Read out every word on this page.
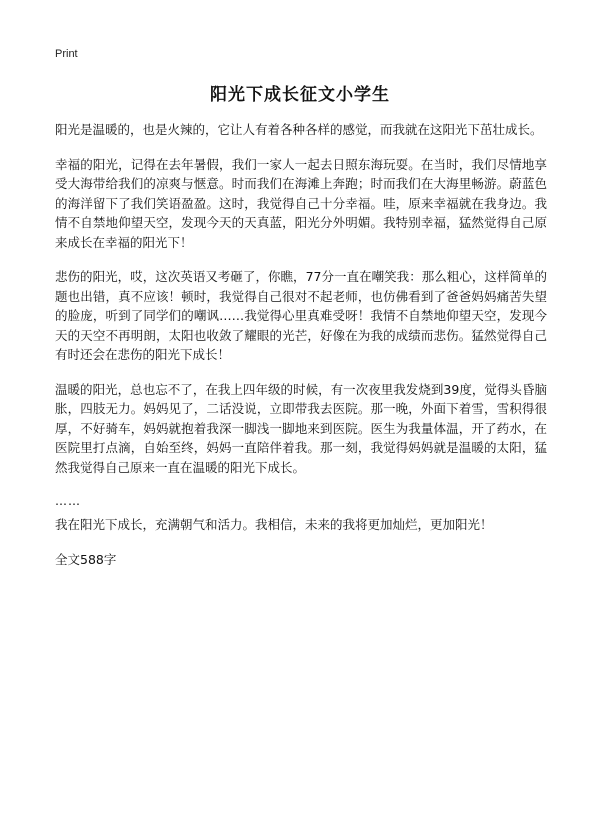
Print
阳光下成长征文小学生

阳光是温暖的，也是火辣的，它让人有着各种各样的感觉，而我就在这阳光下茁壮成长。

幸福的阳光，记得在去年暑假，我们一家人一起去日照东海玩耍。在当时，我们尽情地享受大海带给我们的凉爽与惬意。时而我们在海滩上奔跑；时而我们在大海里畅游。蔚蓝色的海洋留下了我们笑语盈盈。这时，我觉得自己十分幸福。哇，原来幸福就在我身边。我情不自禁地仰望天空，发现今天的天真蓝，阳光分外明媚。我特别幸福，猛然觉得自己原来成长在幸福的阳光下！

悲伤的阳光，哎，这次英语又考砸了，你瞧，77分一直在嘲笑我：那么粗心，这样简单的题也出错，真不应该！顿时，我觉得自己很对不起老师，也仿佛看到了爸爸妈妈痛苦失望的脸庞，听到了同学们的嘲讽……我觉得心里真难受呀！我情不自禁地仰望天空，发现今天的天空不再明朗，太阳也收敛了耀眼的光芒，好像在为我的成绩而悲伤。猛然觉得自己有时还会在悲伤的阳光下成长！

温暖的阳光，总也忘不了，在我上四年级的时候，有一次夜里我发烧到39度，觉得头昏脑胀，四肢无力。妈妈见了，二话没说，立即带我去医院。那一晚，外面下着雪，雪积得很厚，不好骑车，妈妈就抱着我深一脚浅一脚地来到医院。医生为我量体温，开了药水，在医院里打点滴，自始至终，妈妈一直陪伴着我。那一刻，我觉得妈妈就是温暖的太阳，猛然我觉得自己原来一直在温暖的阳光下成长。

……

我在阳光下成长，充满朝气和活力。我相信，未来的我将更加灿烂，更加阳光！

全文588字
